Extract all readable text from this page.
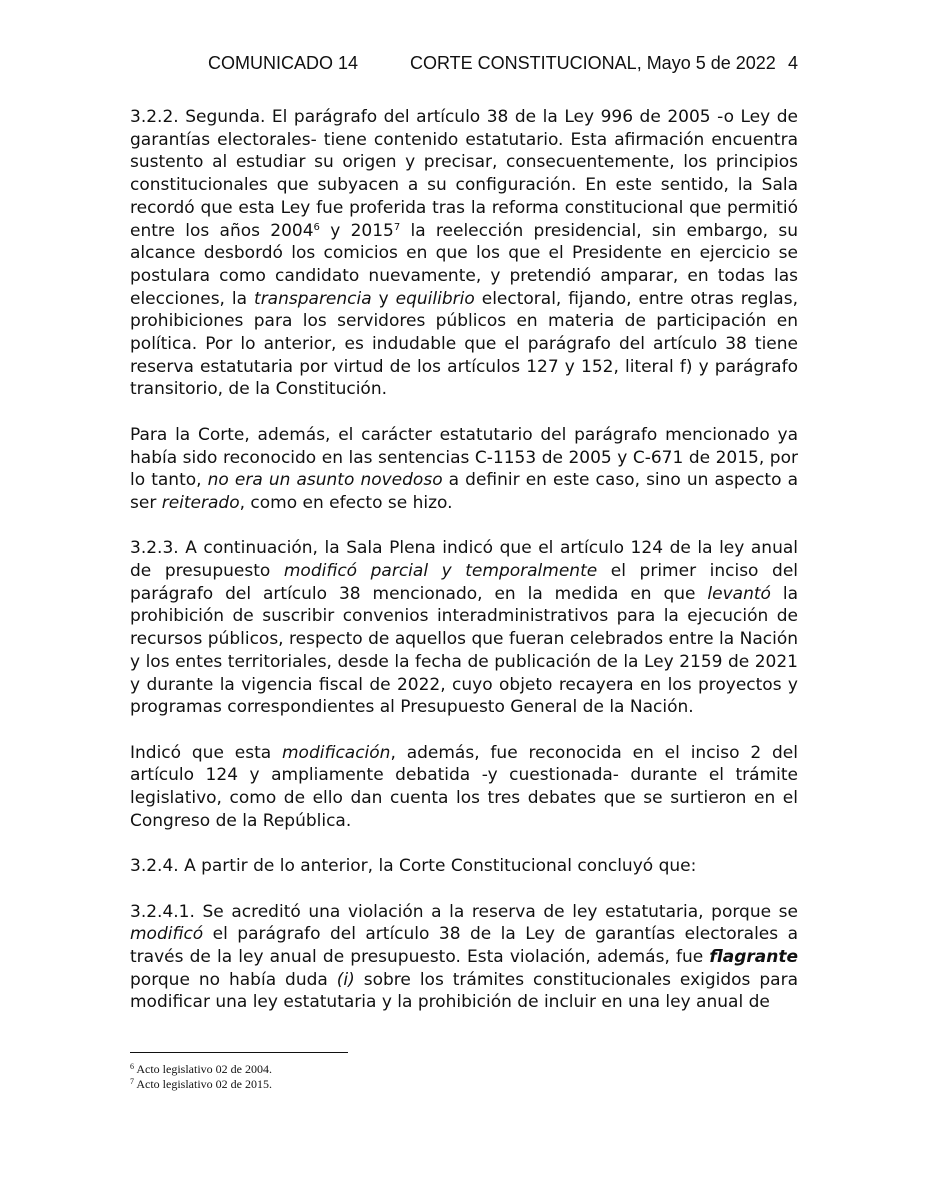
COMUNICADO 14	CORTE CONSTITUCIONAL, Mayo 5 de 2022 4

3.2.2. Segunda. El parágrafo del artículo 38 de la Ley 996 de 2005 -o Ley de garantías electorales- tiene contenido estatutario. Esta afirmación encuentra sustento al estudiar su origen y precisar, consecuentemente, los principios constitucionales que subyacen a su configuración. En este sentido, la Sala recordó que esta Ley fue proferida tras la reforma constitucional que permitió entre los años 2004$^6$ y 2015$^7$ la reelección presidencial, sin embargo, su alcance desbordó los comicios en que los que el Presidente en ejercicio se postulara como candidato nuevamente, y pretendió amparar, en todas las elecciones, la transparencia y equilibrio electoral, fijando, entre otras reglas, prohibiciones para los servidores públicos en materia de participación en política. Por lo anterior, es indudable que el parágrafo del artículo 38 tiene reserva estatutaria por virtud de los artículos 127 y 152, literal f) y parágrafo transitorio, de la Constitución.

Para la Corte, además, el carácter estatutario del parágrafo mencionado ya había sido reconocido en las sentencias C-1153 de 2005 y C-671 de 2015, por lo tanto, no era un asunto novedoso a definir en este caso, sino un aspecto a ser reiterado, como en efecto se hizo.

3.2.3. A continuación, la Sala Plena indicó que el artículo 124 de la ley anual de presupuesto modificó parcial y temporalmente el primer inciso del parágrafo del artículo 38 mencionado, en la medida en que levantó la prohibición de suscribir convenios interadministrativos para la ejecución de recursos públicos, respecto de aquellos que fueran celebrados entre la Nación y los entes territoriales, desde la fecha de publicación de la Ley 2159 de 2021 y durante la vigencia fiscal de 2022, cuyo objeto recayera en los proyectos y programas correspondientes al Presupuesto General de la Nación.

Indicó que esta modificación, además, fue reconocida en el inciso 2 del artículo 124 y ampliamente debatida -y cuestionada- durante el trámite legislativo, como de ello dan cuenta los tres debates que se surtieron en el Congreso de la República.

3.2.4. A partir de lo anterior, la Corte Constitucional concluyó que:

3.2.4.1. Se acreditó una violación a la reserva de ley estatutaria, porque se modificó el parágrafo del artículo 38 de la Ley de garantías electorales a través de la ley anual de presupuesto. Esta violación, además, fue flagrante porque no había duda (i) sobre los trámites constitucionales exigidos para modificar una ley estatutaria y la prohibición de incluir en una ley anual de

$^6$ Acto legislativo 02 de 2004.
$^7$ Acto legislativo 02 de 2015.
